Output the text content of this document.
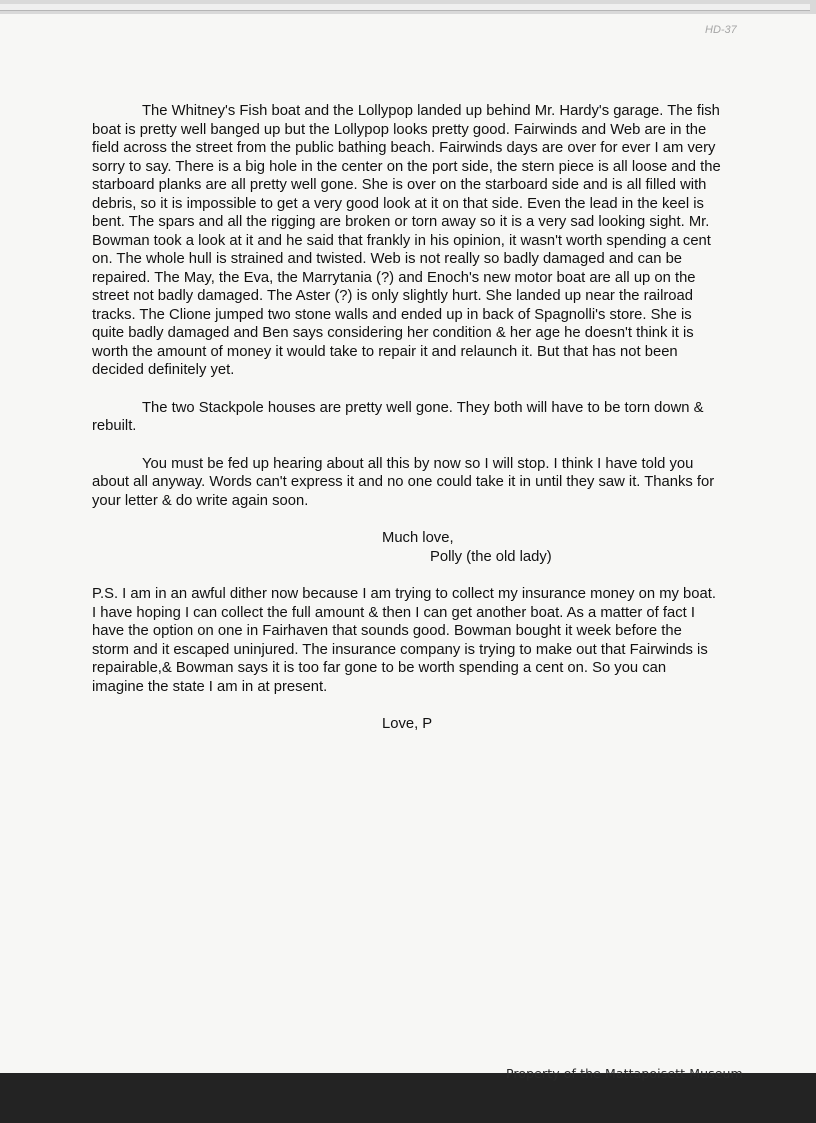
HD-37

The Whitney's Fish boat and the Lollypop landed up behind Mr. Hardy's garage. The fish boat is pretty well banged up but the Lollypop looks pretty good. Fairwinds and Web are in the field across the street from the public bathing beach. Fairwinds days are over for ever I am very sorry to say. There is a big hole in the center on the port side, the stern piece is all loose and the starboard planks are all pretty well gone. She is over on the starboard side and is all filled with debris, so it is impossible to get a very good look at it on that side. Even the lead in the keel is bent. The spars and all the rigging are broken or torn away so it is a very sad looking sight. Mr. Bowman took a look at it and he said that frankly in his opinion, it wasn't worth spending a cent on. The whole hull is strained and twisted. Web is not really so badly damaged and can be repaired. The May, the Eva, the Marrytania (?) and Enoch's new motor boat are all up on the street not badly damaged. The Aster (?) is only slightly hurt. She landed up near the railroad tracks. The Clione jumped two stone walls and ended up in back of Spagnolli's store. She is quite badly damaged and Ben says considering her condition & her age he doesn't think it is worth the amount of money it would take to repair it and relaunch it. But that has not been decided definitely yet.

The two Stackpole houses are pretty well gone. They both will have to be torn down & rebuilt.

You must be fed up hearing about all this by now so I will stop. I think I have told you about all anyway. Words can't express it and no one could take it in until they saw it. Thanks for your letter & do write again soon.

Much love,

Polly (the old lady)

P.S. I am in an awful dither now because I am trying to collect my insurance money on my boat. I have hoping I can collect the full amount & then I can get another boat. As a matter of fact I have the option on one in Fairhaven that sounds good. Bowman bought it week before the storm and it escaped uninjured. The insurance company is trying to make out that Fairwinds is repairable,& Bowman says it is too far gone to be worth spending a cent on. So you can imagine the state I am in at present.

Love, P

Property of the Mattapoisett Museum
